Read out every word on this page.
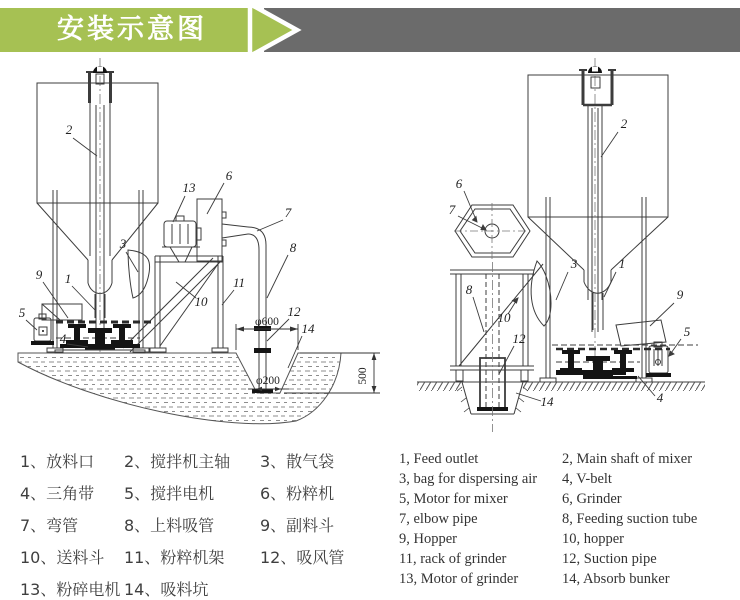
安装示意图
2
13
6
7
8
11
10
3
1
9
5
4
12
14
φ600
φ200	500
2
6
7
8
10
12
14
3	1
9
5
4
1、放料口	2、搅拌机主轴	3、散气袋
4、三角带	5、搅拌电机	6、粉粹机
7、弯管	8、上料吸管	9、副料斗
10、送料斗	11、粉粹机架	12、吸风管
13、粉碎电机 14、吸料坑
1, Feed outlet	2, Main shaft of mixer
3, bag for dispersing air	4, V-belt
5, Motor for mixer	6, Grinder
7, elbow pipe	8, Feeding suction tube
9, Hopper	10, hopper
11, rack of grinder	12, Suction pipe
13, Motor of grinder	14, Absorb bunker
